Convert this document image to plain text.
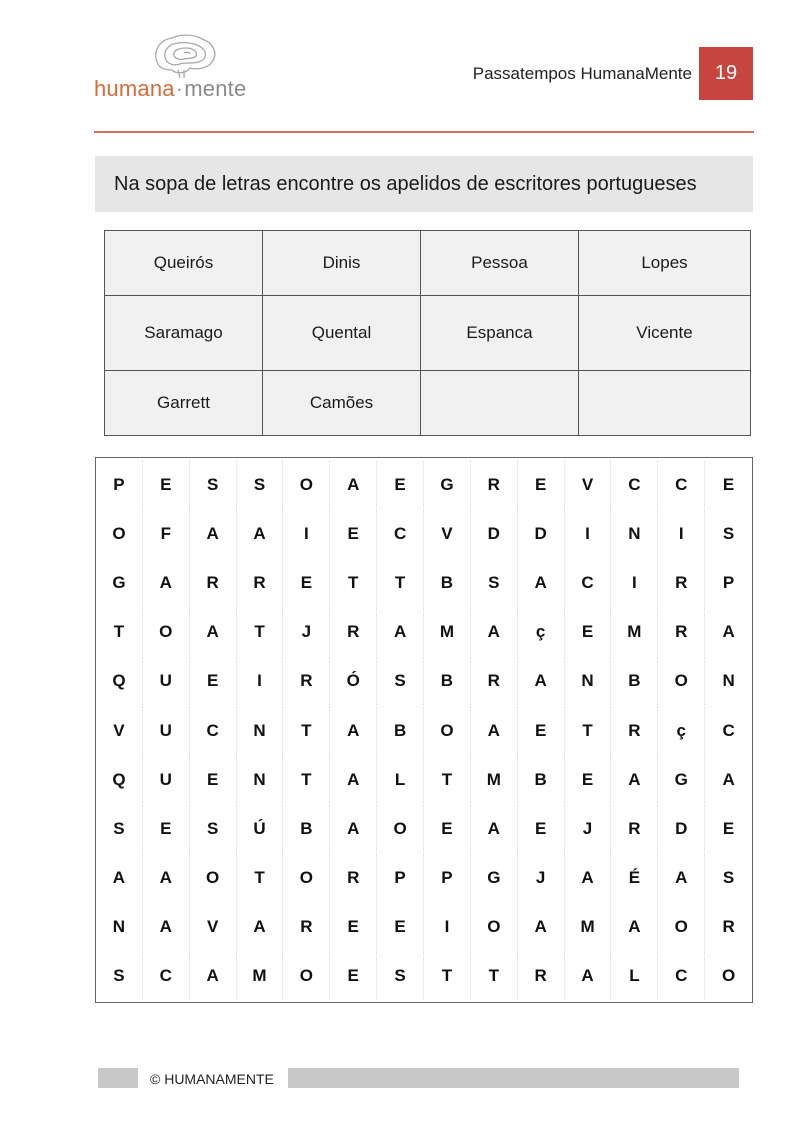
humana·mente
Passatempos HumanaMente	19
Na sopa de letras encontre os apelidos de escritores portugueses
Queirós	Dinis	Pessoa	Lopes
Saramago	Quental	Espanca	Vicente
Garrett	Camões		
P	E	S	S	O	A	E	G	R	E	V	C	C	E
O	F	A	A	I	E	C	V	D	D	I	N	I	S
G	A	R	R	E	T	T	B	S	A	C	I	R	P
T	O	A	T	J	R	A	M	A	ç	E	M	R	A
Q	U	E	I	R	Ó	S	B	R	A	N	B	O	N
V	U	C	N	T	A	B	O	A	E	T	R	ç	C
Q	U	E	N	T	A	L	T	M	B	E	A	G	A
S	E	S	Ú	B	A	O	E	A	E	J	R	D	E
A	A	O	T	O	R	P	P	G	J	A	É	A	S
N	A	V	A	R	E	E	I	O	A	M	A	O	R
S	C	A	M	O	E	S	T	T	R	A	L	C	O
© HUMANAMENTE
